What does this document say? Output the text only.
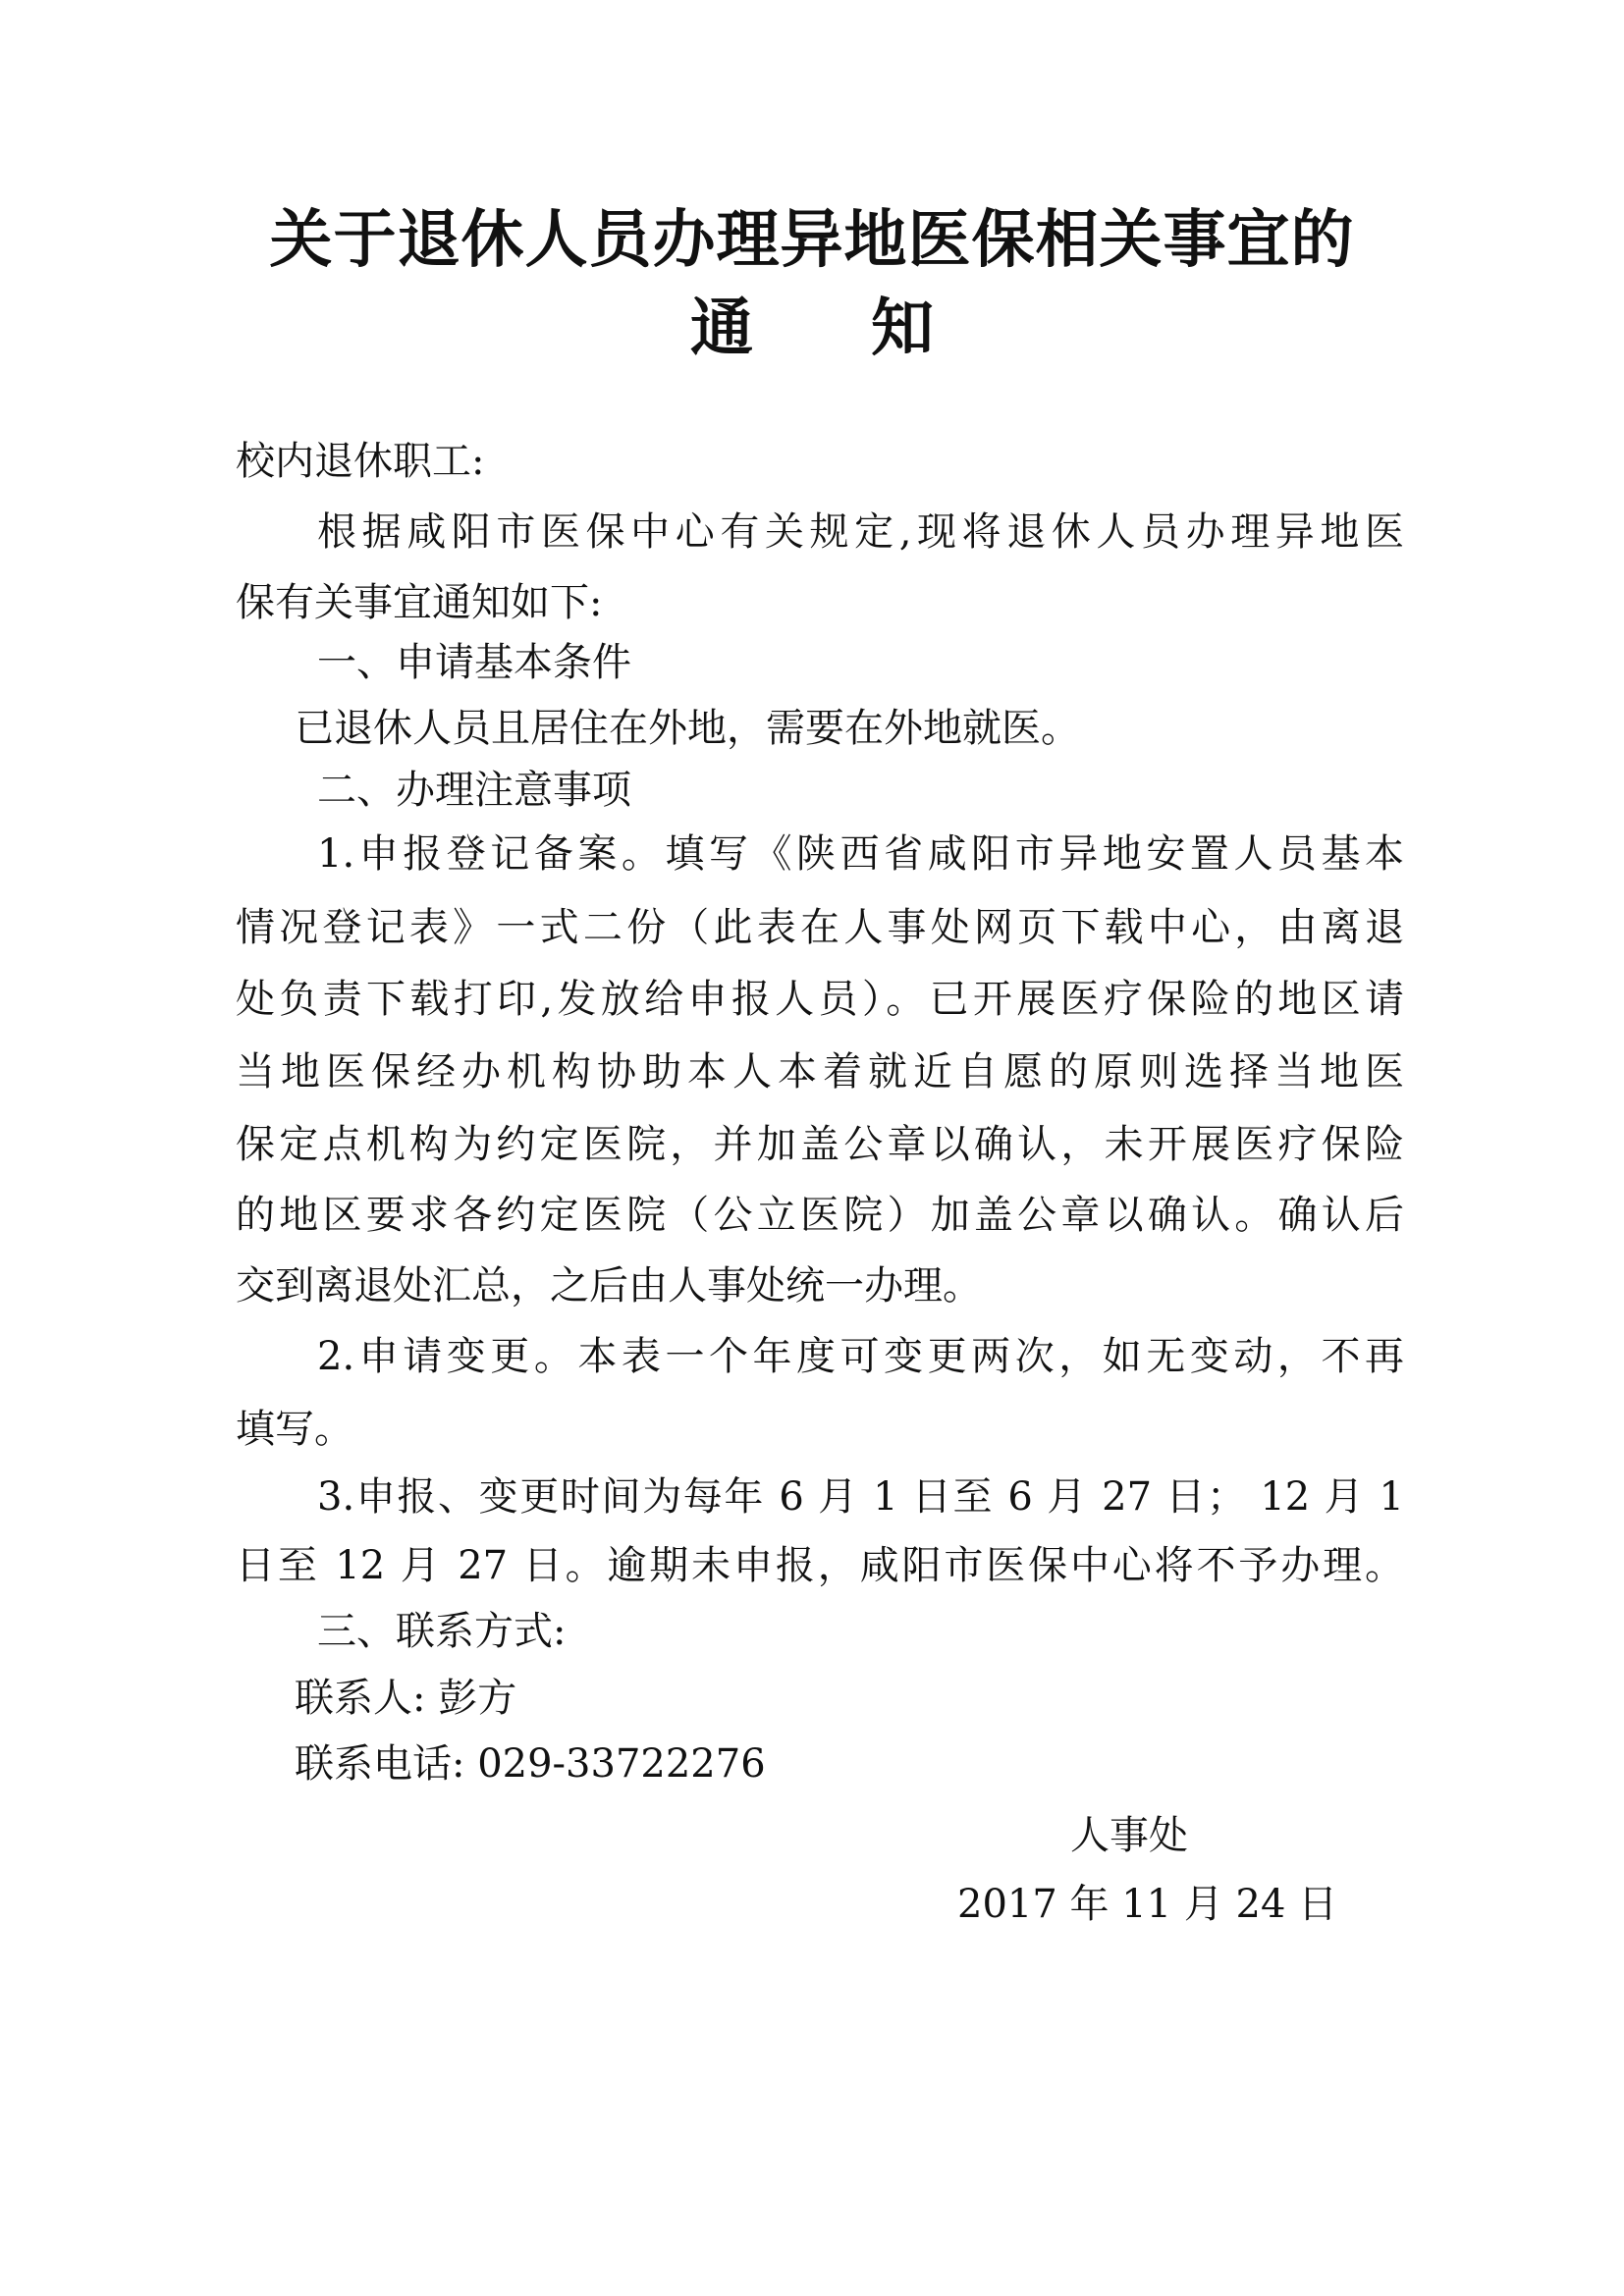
关于退休人员办理异地医保相关事宜的
通知
校内退休职工:
根据咸阳市医保中心有关规定,现将退休人员办理异地医
保有关事宜通知如下:
一、申请基本条件
已退休人员且居住在外地，需要在外地就医。
二、办理注意事项
1.申报登记备案。填写《陕西省咸阳市异地安置人员基本
情况登记表》一式二份（此表在人事处网页下载中心，由离退
处负责下载打印,发放给申报人员）。已开展医疗保险的地区请
当地医保经办机构协助本人本着就近自愿的原则选择当地医
保定点机构为约定医院，并加盖公章以确认，未开展医疗保险
的地区要求各约定医院（公立医院）加盖公章以确认。确认后
交到离退处汇总，之后由人事处统一办理。
2.申请变更。本表一个年度可变更两次，如无变动，不再
填写。
3.申报、变更时间为每年 6 月 1 日至 6 月 27 日； 12 月 1
日至 12 月 27 日。逾期未申报，咸阳市医保中心将不予办理。
三、联系方式:
联系人: 彭方
联系电话: 029-33722276
人事处
2017 年 11 月 24 日
